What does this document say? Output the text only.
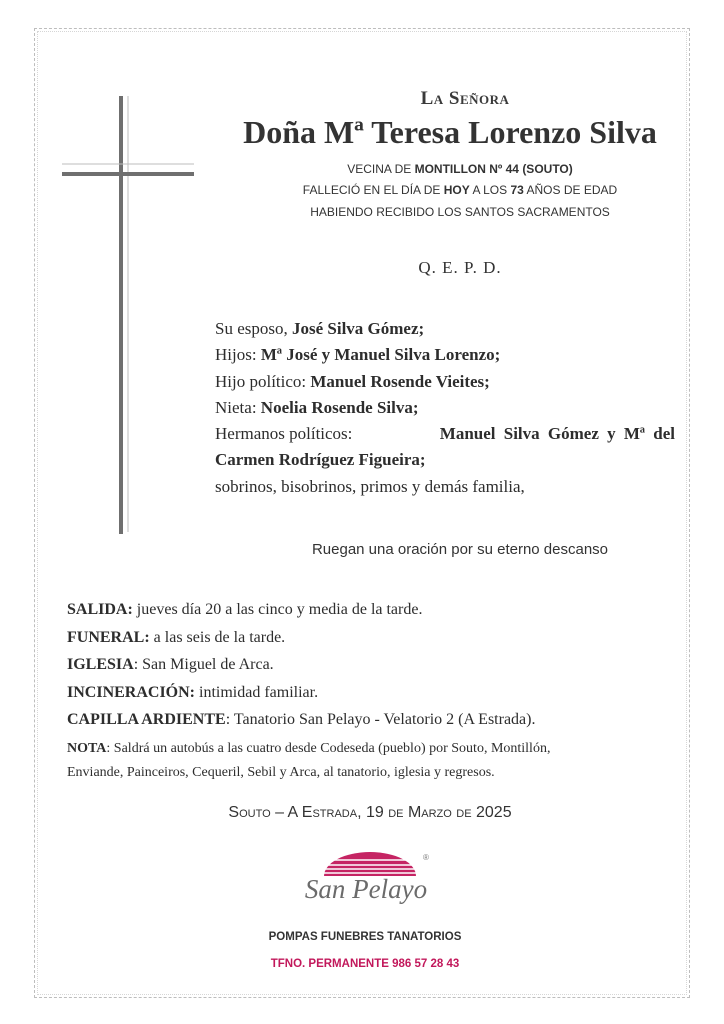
La Señora
Doña Mª Teresa Lorenzo Silva
VECINA DE MONTILLON Nº 44 (SOUTO)
FALLECIÓ EN EL DÍA DE HOY A LOS 73 AÑOS DE EDAD
HABIENDO RECIBIDO LOS SANTOS SACRAMENTOS
Q. E. P. D.
Su esposo, José Silva Gómez;
Hijos: Mª José y Manuel Silva Lorenzo;
Hijo político: Manuel Rosende Vieites;
Nieta: Noelia Rosende Silva;
Hermanos políticos:	Manuel Silva Gómez y Mª del
Carmen Rodríguez Figueira;
sobrinos, bisobrinos, primos y demás familia,
Ruegan una oración por su eterno descanso
SALIDA: jueves día 20 a las cinco y media de la tarde.
FUNERAL: a las seis de la tarde.
IGLESIA: San Miguel de Arca.
INCINERACIÓN: intimidad familiar.
CAPILLA ARDIENTE: Tanatorio San Pelayo - Velatorio 2 (A Estrada).
NOTA: Saldrá un autobús a las cuatro desde Codeseda (pueblo) por Souto, Montillón,
Enviande, Painceiros, Cequeril, Sebil y Arca, al tanatorio, iglesia y regresos.
Souto – A Estrada, 19 de Marzo de 2025
®
San Pelayo
POMPAS FUNEBRES TANATORIOS
TFNO. PERMANENTE 986 57 28 43
